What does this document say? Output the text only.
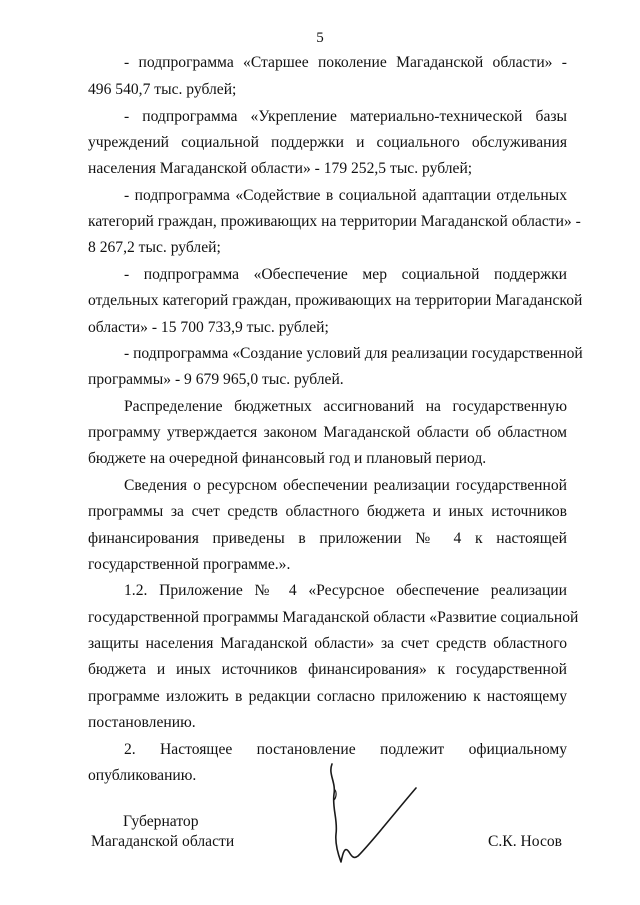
5
- подпрограмма «Старшее поколение Магаданской области» -
496 540,7 тыс. рублей;
- подпрограмма «Укрепление материально-технической базы
учреждений социальной поддержки и социального обслуживания
населения Магаданской области» - 179 252,5 тыс. рублей;
- подпрограмма «Содействие в социальной адаптации отдельных
категорий граждан, проживающих на территории Магаданской области» -
8 267,2 тыс. рублей;
- подпрограмма «Обеспечение мер социальной поддержки
отдельных категорий граждан, проживающих на территории Магаданской
области» - 15 700 733,9 тыс. рублей;
- подпрограмма «Создание условий для реализации государственной
программы» - 9 679 965,0 тыс. рублей.
Распределение бюджетных ассигнований на государственную
программу утверждается законом Магаданской области об областном
бюджете на очередной финансовый год и плановый период.
Сведения о ресурсном обеспечении реализации государственной
программы за счет средств областного бюджета и иных источников
финансирования приведены в приложении № 4 к настоящей
государственной программе.».
1.2. Приложение № 4 «Ресурсное обеспечение реализации
государственной программы Магаданской области «Развитие социальной
защиты населения Магаданской области» за счет средств областного
бюджета и иных источников финансирования» к государственной
программе изложить в редакции согласно приложению к настоящему
постановлению.
2. Настоящее постановление подлежит официальному
опубликованию.
Губернатор
Магаданской области	С.К. Носов
